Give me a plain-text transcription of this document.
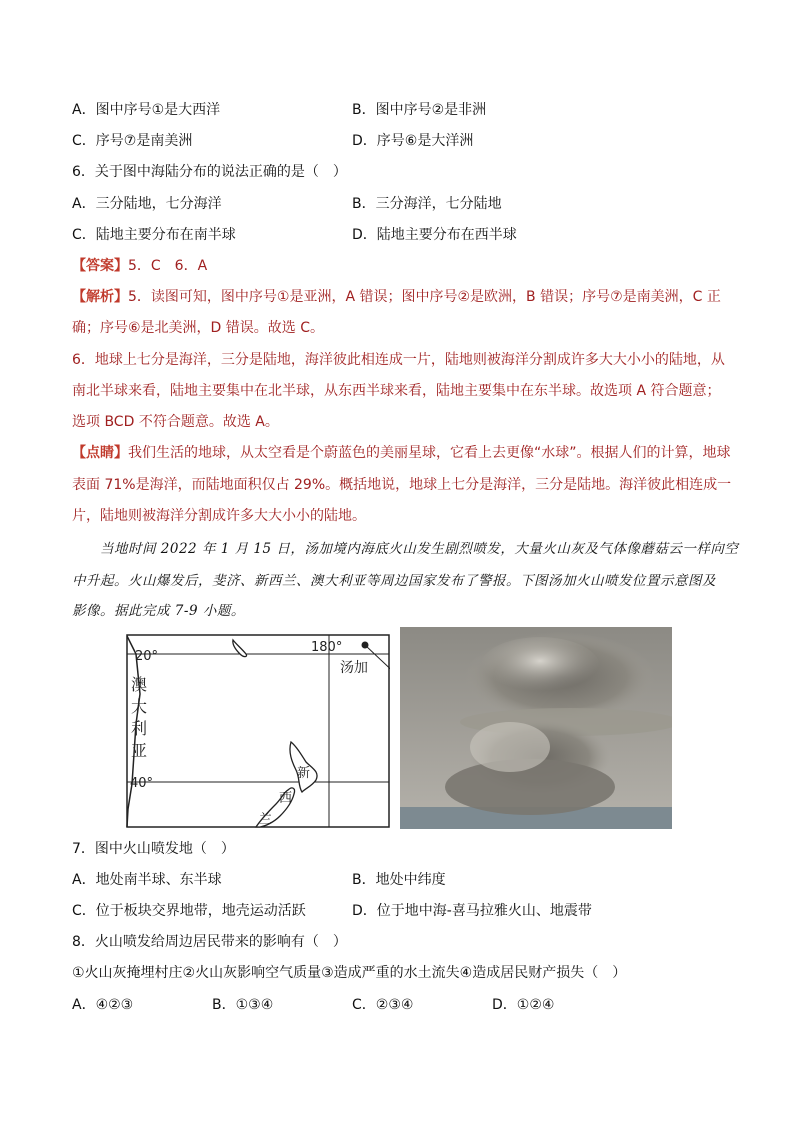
A．图中序号①是大西洋	B．图中序号②是非洲
C．序号⑦是南美洲	D．序号⑥是大洋洲
6．关于图中海陆分布的说法正确的是（　）
A．三分陆地，七分海洋	B．三分海洋，七分陆地
C．陆地主要分布在南半球	D．陆地主要分布在西半球
【答案】5．C　6．A
【解析】5．读图可知，图中序号①是亚洲，A 错误；图中序号②是欧洲，B 错误；序号⑦是南美洲，C 正
确；序号⑥是北美洲，D 错误。故选 C。
6．地球上七分是海洋，三分是陆地，海洋彼此相连成一片，陆地则被海洋分割成许多大大小小的陆地，从
南北半球来看，陆地主要集中在北半球，从东西半球来看，陆地主要集中在东半球。故选项 A 符合题意；
选项 BCD 不符合题意。故选 A。
【点睛】我们生活的地球，从太空看是个蔚蓝色的美丽星球，它看上去更像“水球”。根据人们的计算，地球
表面 71%是海洋，而陆地面积仅占 29%。概括地说，地球上七分是海洋，三分是陆地。海洋彼此相连成一
片，陆地则被海洋分割成许多大大小小的陆地。
当地时间 2022 年 1 月 15 日，汤加境内海底火山发生剧烈喷发，大量火山灰及气体像蘑菇云一样向空
中升起。火山爆发后，斐济、新西兰、澳大利亚等周边国家发布了警报。下图汤加火山喷发位置示意图及
影像。据此完成 7-9 小题。
20°
40°
180°
汤加
澳
大
利
亚
新
西
兰
7．图中火山喷发地（　）
A．地处南半球、东半球	B．地处中纬度
C．位于板块交界地带，地壳运动活跃	D．位于地中海-喜马拉雅火山、地震带
8．火山喷发给周边居民带来的影响有（　）
①火山灰掩埋村庄②火山灰影响空气质量③造成严重的水土流失④造成居民财产损失（　）
A．④②③	B．①③④	C．②③④	D．①②④
